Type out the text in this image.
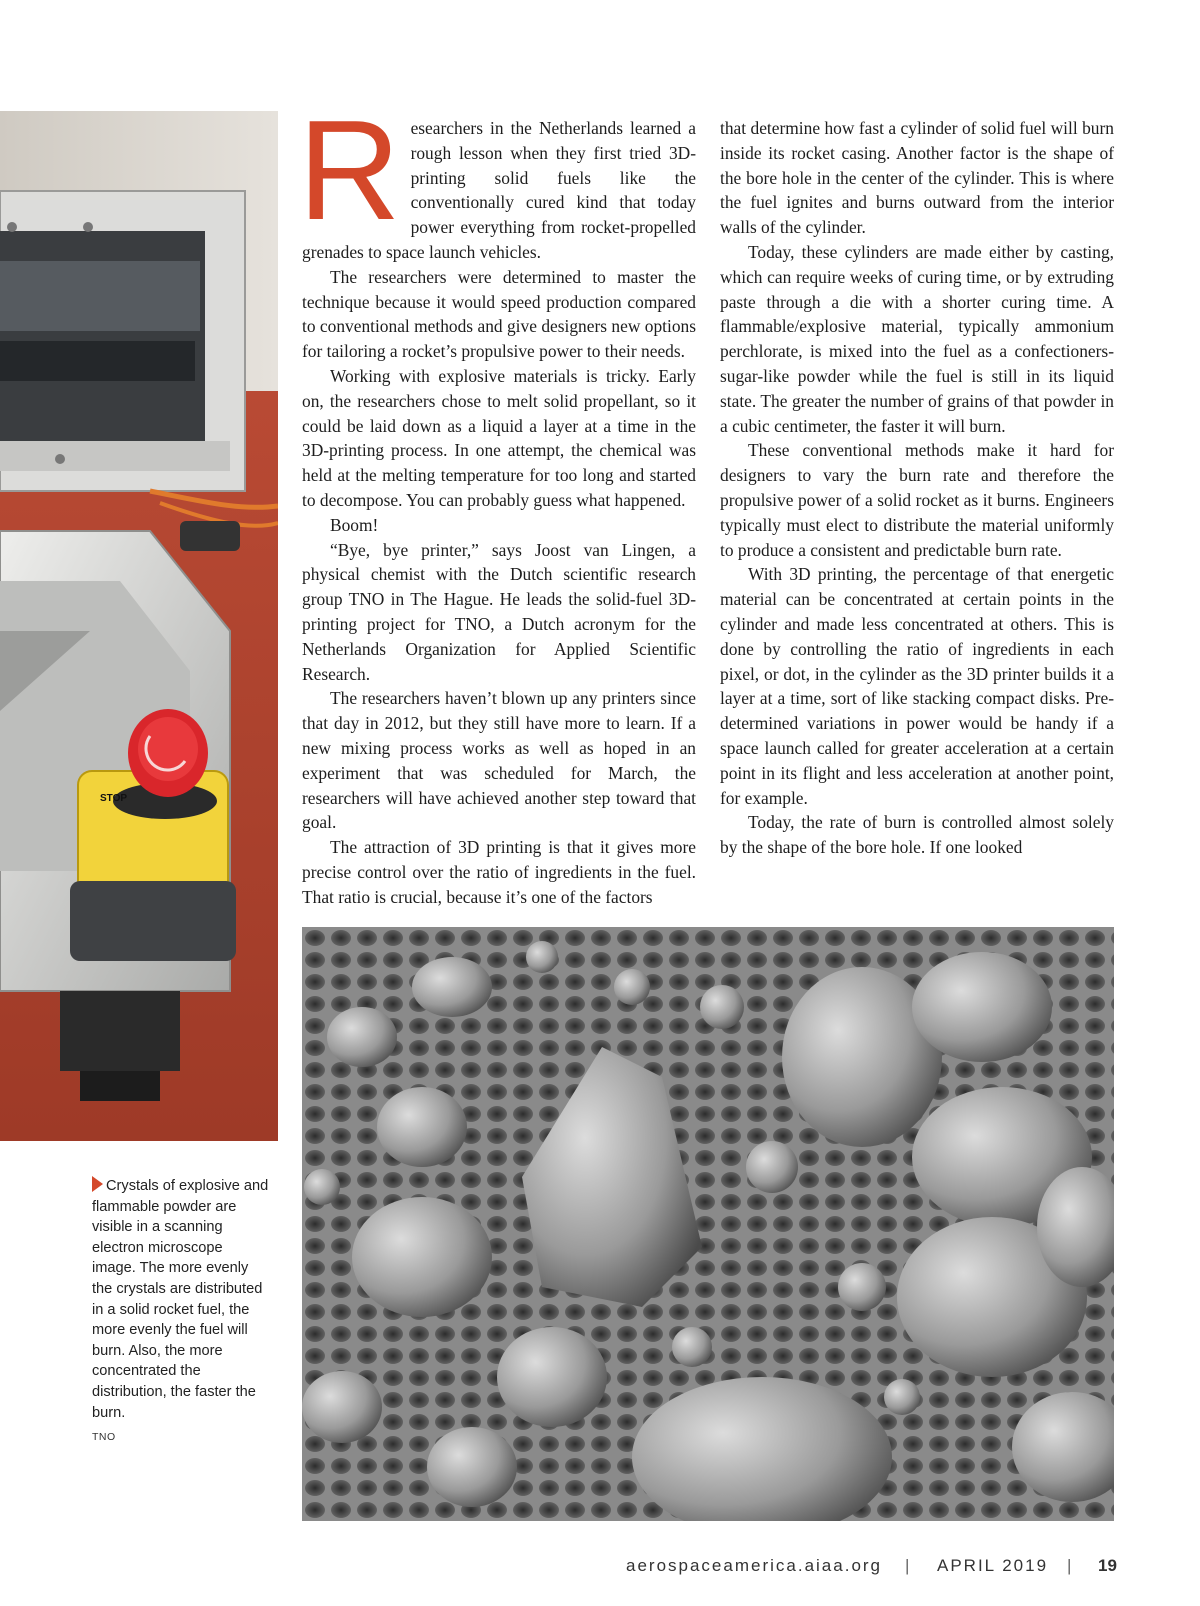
STOP
R esearchers in the Netherlands learned a rough lesson when they first tried 3D-printing solid fuels like the conventionally cured kind that today power everything from rocket-propelled grenades to space launch vehicles.

The researchers were determined to master the technique because it would speed production compared to conventional methods and give designers new options for tailoring a rocket’s propulsive power to their needs.

Working with explosive materials is tricky. Early on, the researchers chose to melt solid propellant, so it could be laid down as a liquid a layer at a time in the 3D-printing process. In one attempt, the chemical was held at the melting temperature for too long and started to decompose. You can probably guess what happened.

Boom!

“Bye, bye printer,” says Joost van Lingen, a physical chemist with the Dutch scientific research group TNO in The Hague. He leads the solid-fuel 3D-printing project for TNO, a Dutch acronym for the Netherlands Organization for Applied Scientific Research.

The researchers haven’t blown up any printers since that day in 2012, but they still have more to learn. If a new mixing process works as well as hoped in an experiment that was scheduled for March, the researchers will have achieved another step toward that goal.

The attraction of 3D printing is that it gives more precise control over the ratio of ingredients in the fuel. That ratio is crucial, because it’s one of the factors

that determine how fast a cylinder of solid fuel will burn inside its rocket casing. Another factor is the shape of the bore hole in the center of the cylinder. This is where the fuel ignites and burns outward from the interior walls of the cylinder.

Today, these cylinders are made either by casting, which can require weeks of curing time, or by extruding paste through a die with a shorter curing time. A flammable/explosive material, typically ammonium perchlorate, is mixed into the fuel as a confectioners-sugar-like powder while the fuel is still in its liquid state. The greater the number of grains of that powder in a cubic centimeter, the faster it will burn.

These conventional methods make it hard for designers to vary the burn rate and therefore the propulsive power of a solid rocket as it burns. Engineers typically must elect to distribute the material uniformly to produce a consistent and predictable burn rate.

With 3D printing, the percentage of that energetic material can be concentrated at certain points in the cylinder and made less concentrated at others. This is done by controlling the ratio of ingredients in each pixel, or dot, in the cylinder as the 3D printer builds it a layer at a time, sort of like stacking compact disks. Pre-determined variations in power would be handy if a space launch called for greater acceleration at a certain point in its flight and less acceleration at another point, for example.

Today, the rate of burn is controlled almost solely by the shape of the bore hole. If one looked

Crystals of explosive and flammable powder are visible in a scanning electron microscope image. The more evenly the crystals are distributed in a solid rocket fuel, the more evenly the fuel will burn. Also, the more concentrated the distribution, the faster the burn.
TNO
aerospaceamerica.aiaa.org | APRIL 2019 | 19
